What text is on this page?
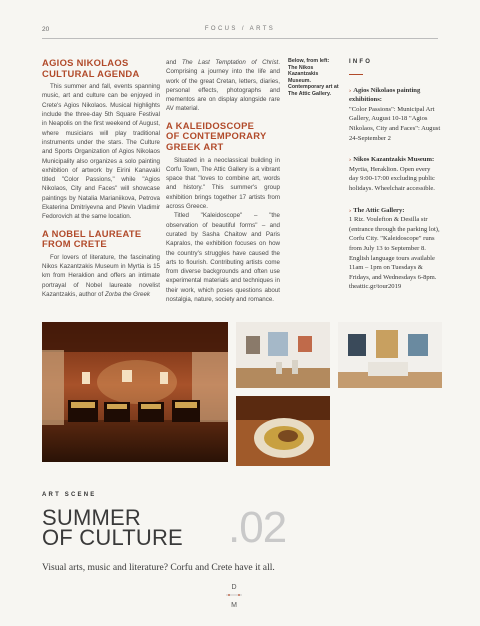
20	FOCUS / ARTS
AGIOS NIKOLAOS
CULTURAL AGENDA

This summer and fall, events spanning music, art and culture can be enjoyed in Crete's Agios Nikolaos. Musical highlights include the three-day 5th Square Festival in Neapolis on the first weekend of August, where musicians will play traditional instruments under the stars. The Culture and Sports Organization of Agios Nikolaos Municipality also organizes a solo painting exhibition of artwork by Eirini Kanavaki titled "Color Passions," while "Agios Nikolaos, City and Faces" will showcase paintings by Natalia Marianiikova, Petrova Ekaterina Dmitriyevna and Plevin Vladimir Fedorovich at the same location.

A NOBEL LAUREATE
FROM CRETE

For lovers of literature, the fascinating Nikos Kazantzakis Museum in Myrtia is 15 km from Heraklion and offers an intimate portrayal of Nobel laureate novelist Kazantzakis, author of Zorba the Greek

and The Last Temptation of Christ. Comprising a journey into the life and work of the great Cretan, letters, diaries, personal effects, photographs and mementos are on display alongside rare AV material.

A KALEIDOSCOPE
OF CONTEMPORARY
GREEK ART

Situated in a neoclassical building in Corfu Town, The Attic Gallery is a vibrant space that "loves to combine art, words and history." This summer's group exhibition brings together 17 artists from across Greece.

Titled "Kaleidoscope" – "the observation of beautiful forms" – and curated by Sasha Chaitow and Paris Kapralos, the exhibition focuses on how the country's struggles have caused the arts to flourish. Contributing artists come from diverse backgrounds and often use experimental materials and techniques in their work, which poses questions about nostalgia, nature, society and romance.

Below, from left: The Nikos Kazantzakis Museum. Contemporary art at The Attic Gallery.
INFO
› Agios Nikolaos painting exhibitions:
"Color Passions": Municipal Art Gallery, August 10-18 "Agios Nikolaos, City and Faces": August 24-September 2
› Nikos Kazantzakis Museum:
Myrtia, Heraklion. Open every day 9:00-17:00 excluding public holidays. Wheelchair accessible.
› The Attic Gallery:
1 Riz. Voulefton & Desilla str (entrance through the parking lot), Corfu City. "Kaleidoscope" runs from July 13 to September 8. English language tours available 11am – 1pm on Tuesdays & Fridays, and Wednesdays 6-8pm. theattic.gr/tour2019
ART SCENE
SUMMER
OF CULTURE .02
Visual arts, music and literature? Corfu and Crete have it all.
D
M
